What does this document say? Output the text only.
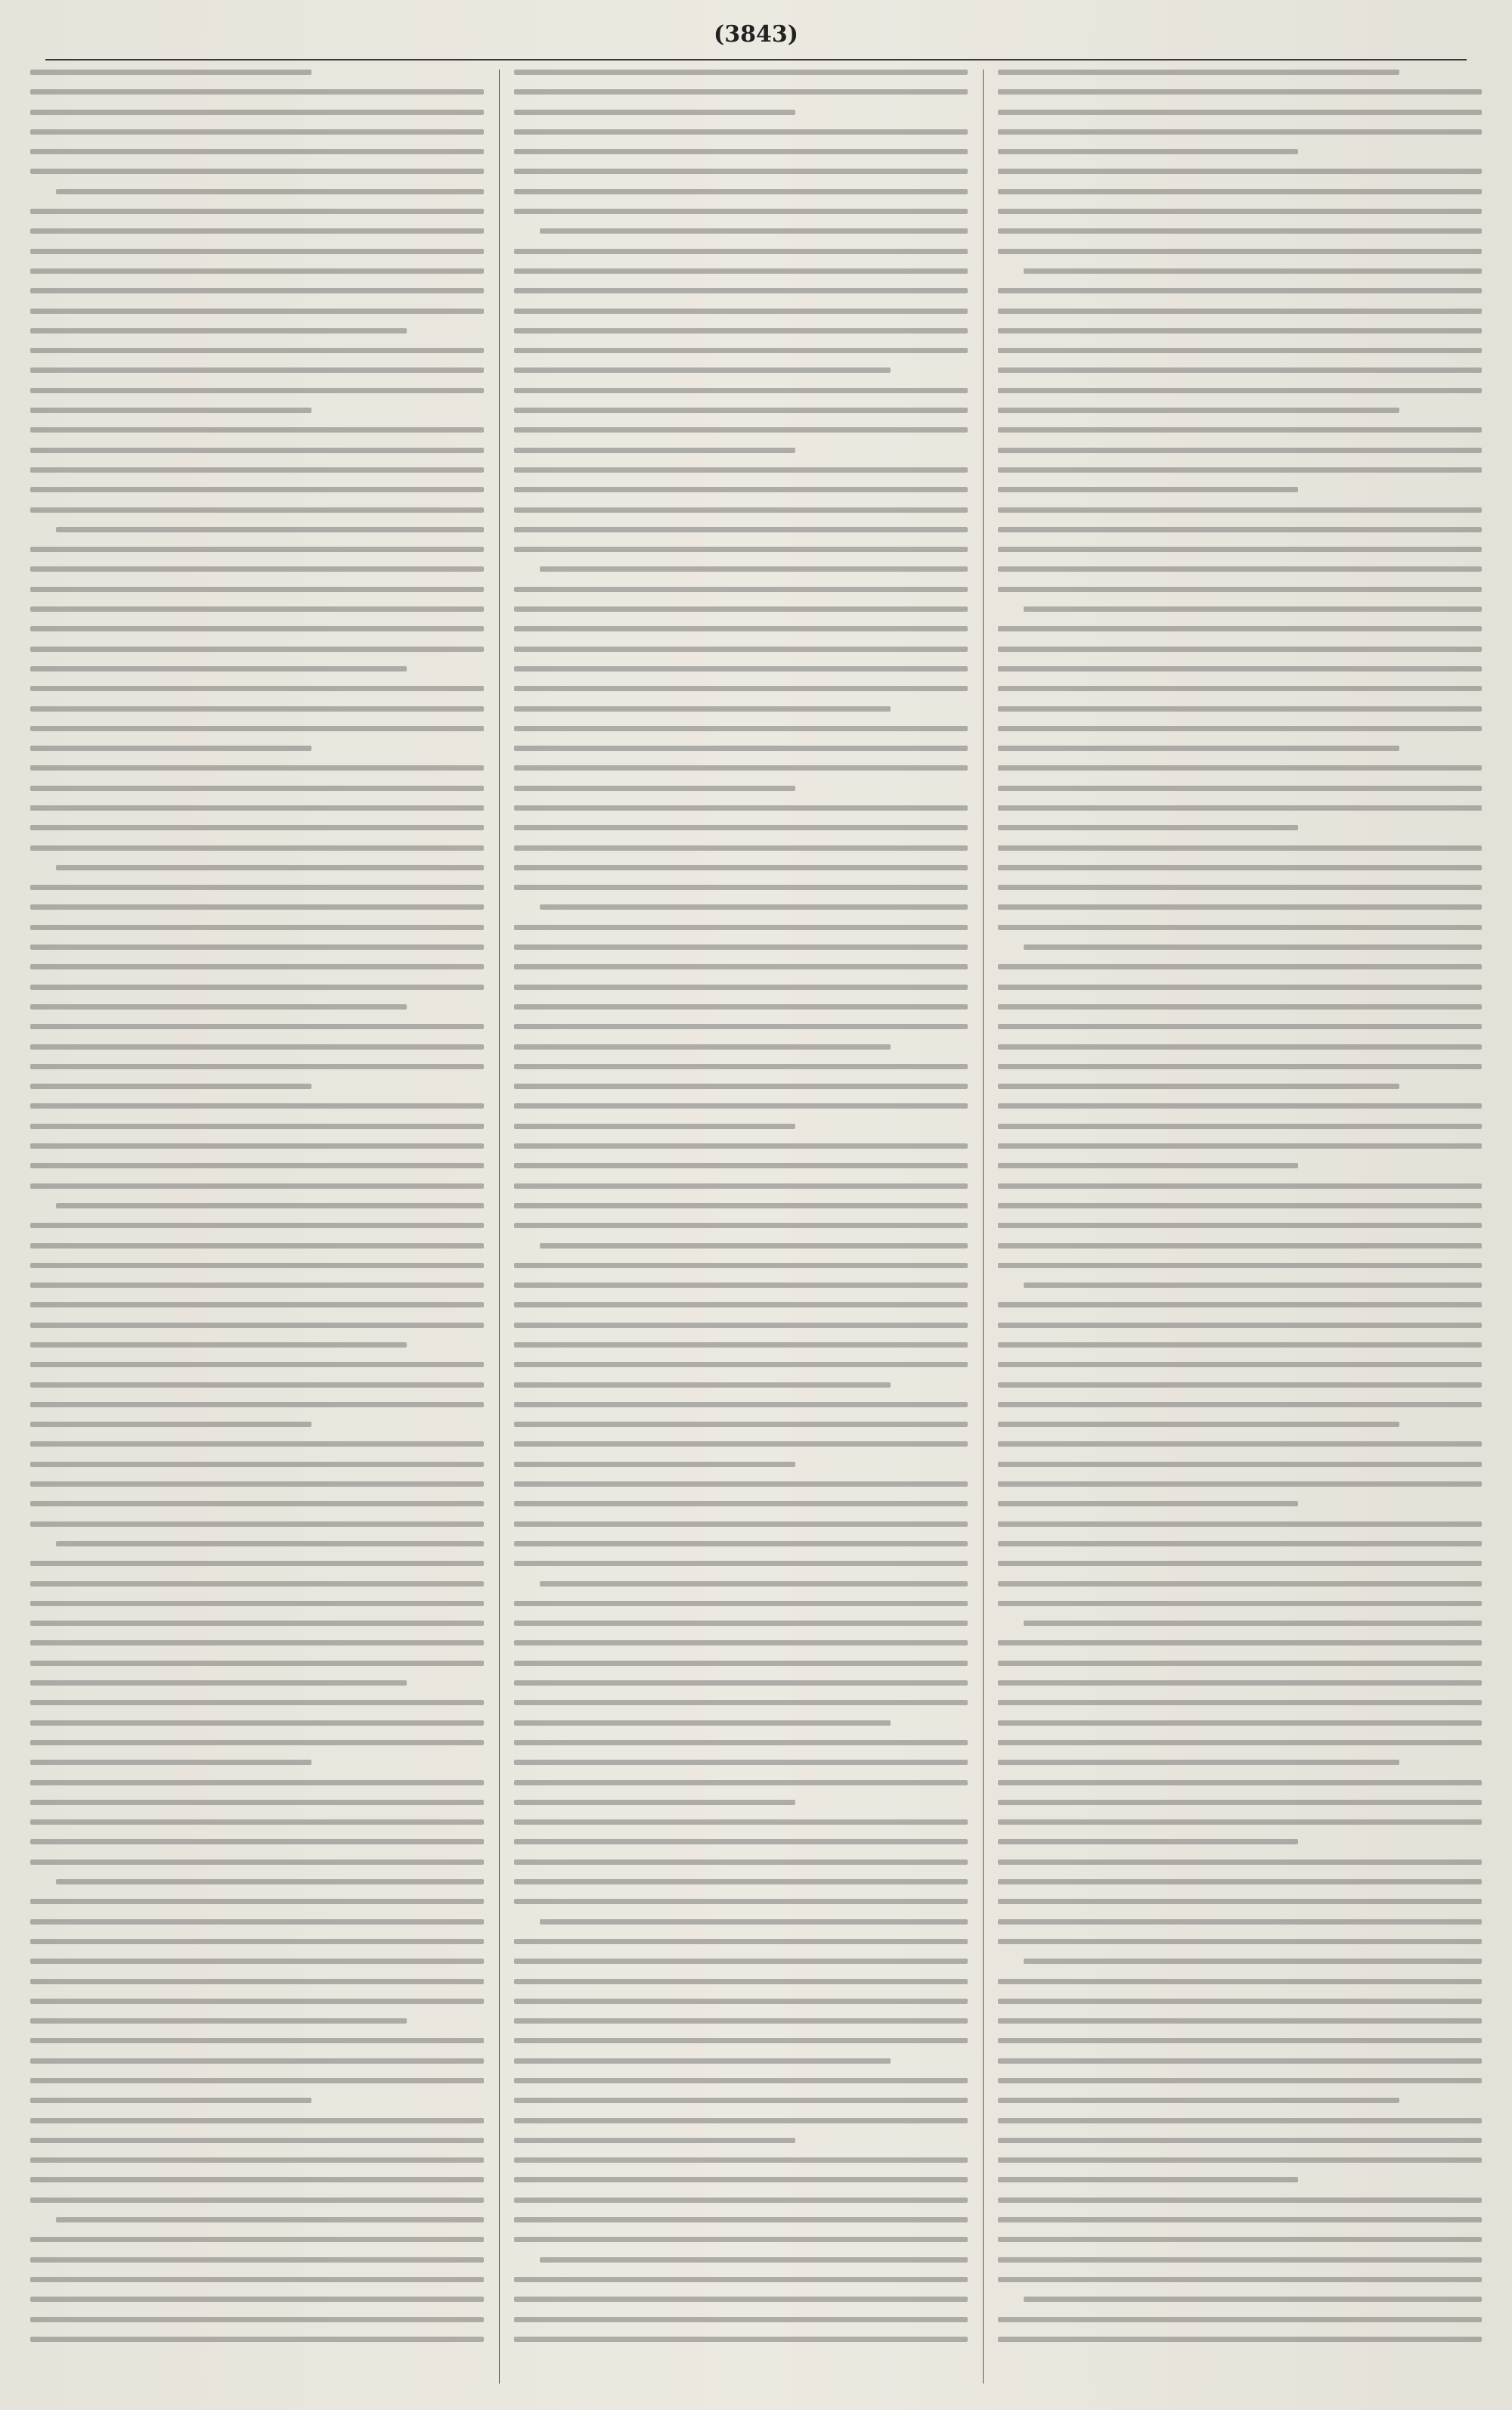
(3843)
